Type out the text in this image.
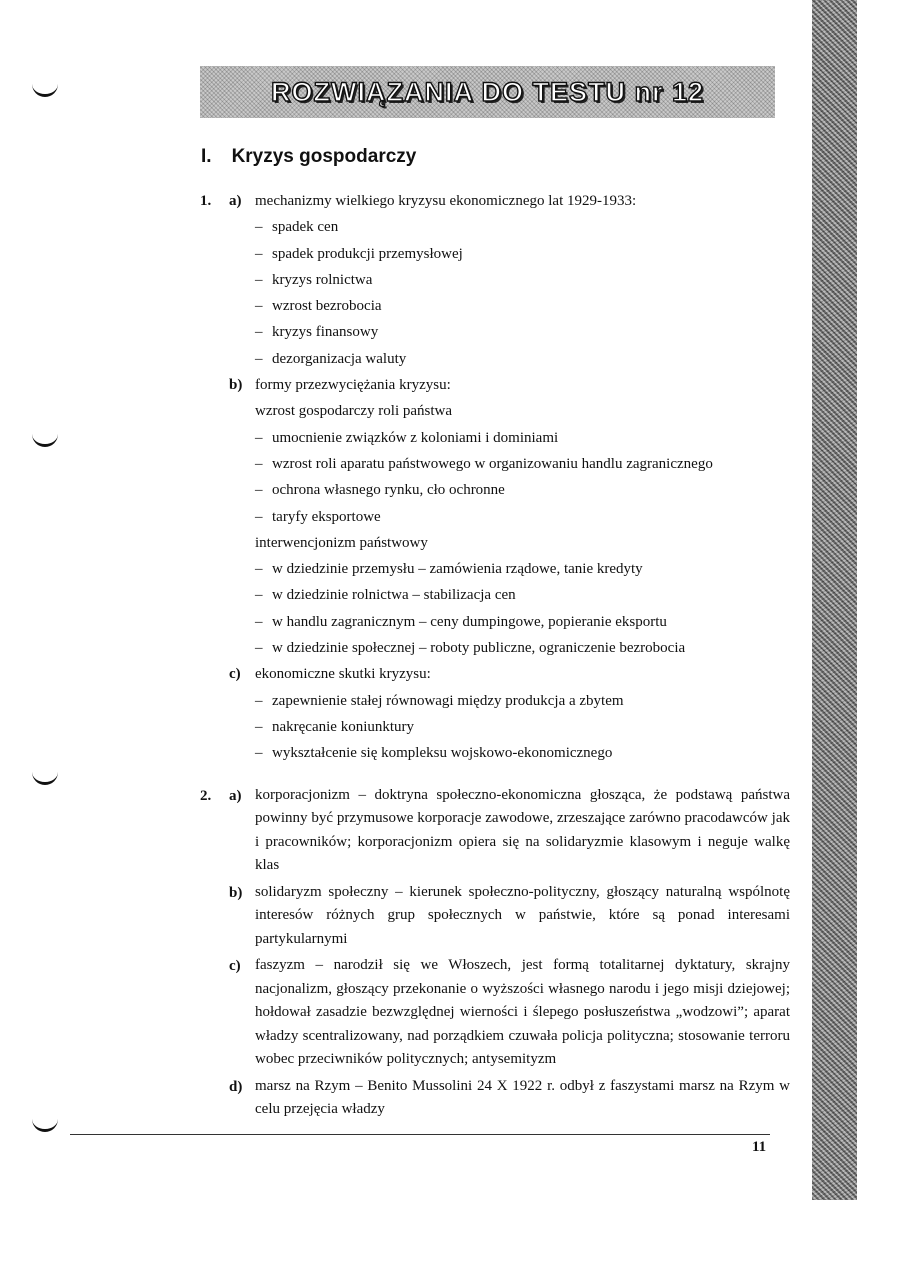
ROZWIĄZANIA DO TESTU nr 12
I. Kryzys gospodarczy
1.	a) mechanizmy wielkiego kryzysu ekonomicznego lat 1929-1933:
– spadek cen
– spadek produkcji przemysłowej
– kryzys rolnictwa
– wzrost bezrobocia
– kryzys finansowy
– dezorganizacja waluty
b) formy przezwyciężania kryzysu:
wzrost gospodarczy roli państwa
– umocnienie związków z koloniami i dominiami
– wzrost roli aparatu państwowego w organizowaniu handlu zagranicznego
– ochrona własnego rynku, cło ochronne
– taryfy eksportowe
interwencjonizm państwowy
– w dziedzinie przemysłu – zamówienia rządowe, tanie kredyty
– w dziedzinie rolnictwa – stabilizacja cen
– w handlu zagranicznym – ceny dumpingowe, popieranie eksportu
– w dziedzinie społecznej – roboty publiczne, ograniczenie bezrobocia
c) ekonomiczne skutki kryzysu:
– zapewnienie stałej równowagi między produkcja a zbytem
– nakręcanie koniunktury
– wykształcenie się kompleksu wojskowo-ekonomicznego
2.	a) korporacjonizm – doktryna społeczno-ekonomiczna głosząca, że podstawą państwa powinny być przymusowe korporacje zawodowe, zrzeszające zarówno pracodawców jak i pracowników; korporacjonizm opiera się na solidaryzmie klasowym i neguje walkę klas
b) solidaryzm społeczny – kierunek społeczno-polityczny, głoszący naturalną wspólnotę interesów różnych grup społecznych w państwie, które są ponad interesami partykularnymi
c) faszyzm – narodził się we Włoszech, jest formą totalitarnej dyktatury, skrajny nacjonalizm, głoszący przekonanie o wyższości własnego narodu i jego misji dziejowej; hołdował zasadzie bezwzględnej wierności i ślepego posłuszeństwa „wodzowi”; aparat władzy scentralizowany, nad porządkiem czuwała policja polityczna; stosowanie terroru wobec przeciwników politycznych; antysemityzm
d) marsz na Rzym – Benito Mussolini 24 X 1922 r. odbył z faszystami marsz na Rzym w celu przejęcia władzy
11
